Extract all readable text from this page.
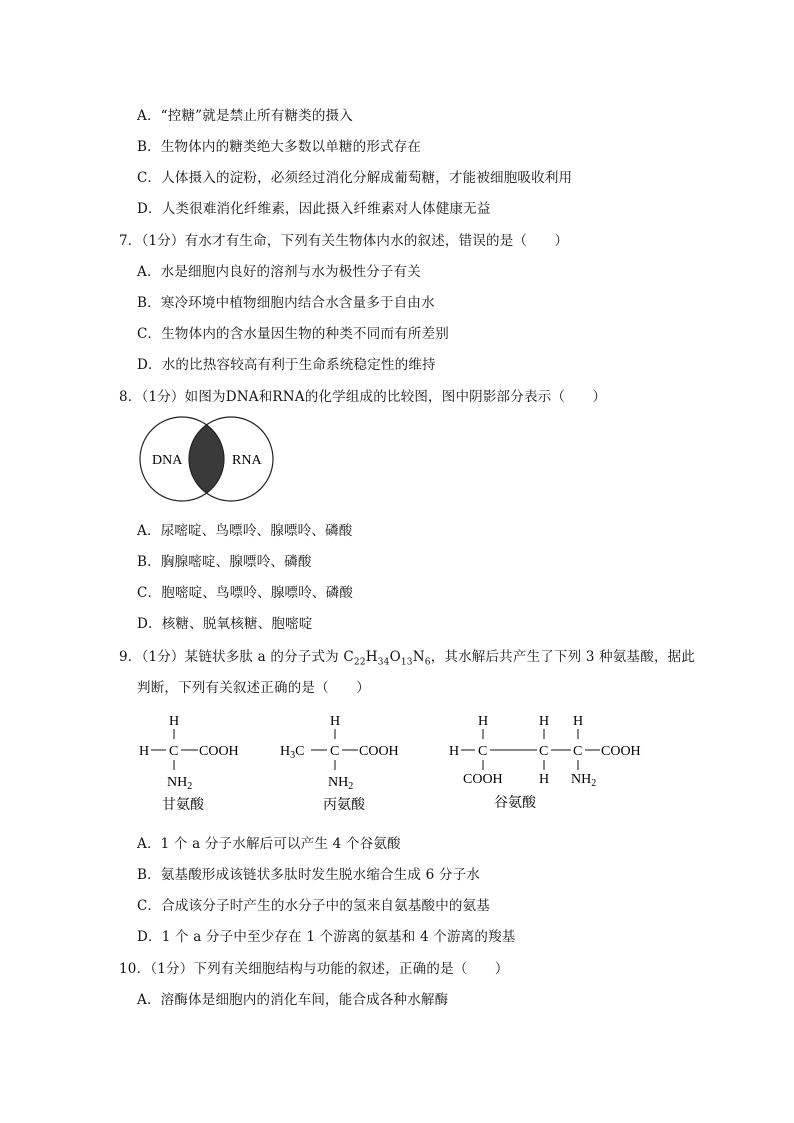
A．“控糖”就是禁止所有糖类的摄入
B．生物体内的糖类绝大多数以单糖的形式存在
C．人体摄入的淀粉，必须经过消化分解成葡萄糖，才能被细胞吸收利用
D．人类很难消化纤维素，因此摄入纤维素对人体健康无益
7．（1分）有水才有生命，下列有关生物体内水的叙述，错误的是（　　）
A．水是细胞内良好的溶剂与水为极性分子有关
B．寒冷环境中植物细胞内结合水含量多于自由水
C．生物体内的含水量因生物的种类不同而有所差别
D．水的比热容较高有利于生命系统稳定性的维持
8．（1分）如图为DNA和RNA的化学组成的比较图，图中阴影部分表示（　　）
DNA	RNA
A．尿嘧啶、鸟嘌呤、腺嘌呤、磷酸
B．胸腺嘧啶、腺嘌呤、磷酸
C．胞嘧啶、鸟嘌呤、腺嘌呤、磷酸
D．核糖、脱氧核糖、胞嘧啶
9．（1分）某链状多肽 a 的分子式为 $C_{22}H_{34}O_{13}N_6$，其水解后共产生了下列 3 种氨基酸，据此
判断，下列有关叙述正确的是（　　）
H
H C COOH
$NH_2$
甘氨酸
H
$H_3C$ C COOH
$NH_2$
丙氨酸
H	H H
H C	C C COOH
COOH	H $NH_2$
谷氨酸
A．1 个 a 分子水解后可以产生 4 个谷氨酸
B．氨基酸形成该链状多肽时发生脱水缩合生成 6 分子水
C．合成该分子时产生的水分子中的氢来自氨基酸中的氨基
D．1 个 a 分子中至少存在 1 个游离的氨基和 4 个游离的羧基
10．（1分）下列有关细胞结构与功能的叙述，正确的是（　　）
A．溶酶体是细胞内的消化车间，能合成各种水解酶
